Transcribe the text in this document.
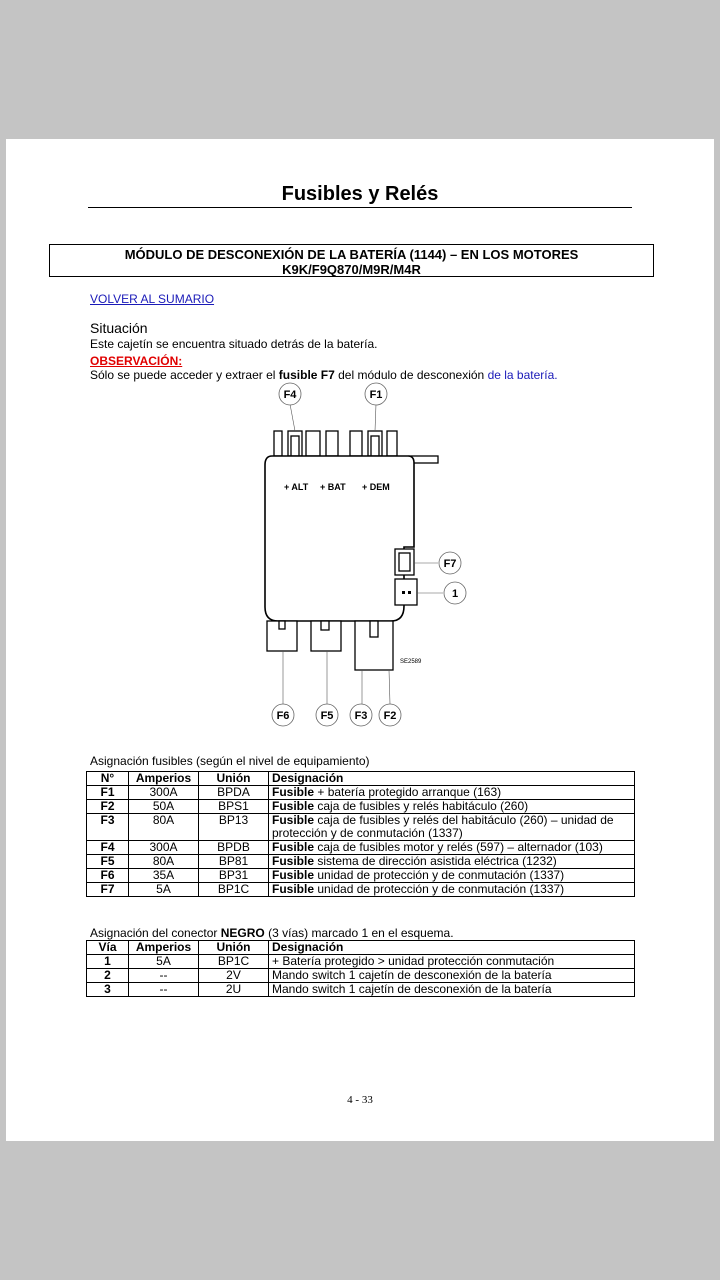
Fusibles y Relés
MÓDULO DE DESCONEXIÓN DE LA BATERÍA (1144) – EN LOS MOTORES
K9K/F9Q870/M9R/M4R
VOLVER AL SUMARIO
Situación
Este cajetín se encuentra situado detrás de la batería.
OBSERVACIÓN:
Sólo se puede acceder y extraer el fusible F7 del módulo de desconexión de la batería.
F4	F1
F7
1
F6	F5 F3 F2
+ ALT + BAT + DEM
SE2589
Asignación fusibles (según el nivel de equipamiento)
N°	Amperios	Unión	Designación
F1	300A	BPDA	Fusible + batería protegido arranque (163)
F2	50A	BPS1	Fusible caja de fusibles y relés habitáculo (260)
F3	80A	BP13	Fusible caja de fusibles y relés del habitáculo (260) – unidad de protección y de conmutación (1337)
F4	300A	BPDB	Fusible caja de fusibles motor y relés (597) – alternador (103)
F5	80A	BP81	Fusible sistema de dirección asistida eléctrica (1232)
F6	35A	BP31	Fusible unidad de protección y de conmutación (1337)
F7	5A	BP1C	Fusible unidad de protección y de conmutación (1337)
Asignación del conector NEGRO (3 vías) marcado 1 en el esquema.
Vía	Amperios	Unión	Designación
1	5A	BP1C	+ Batería protegido > unidad protección conmutación
2	--	2V	Mando switch 1 cajetín de desconexión de la batería
3	--	2U	Mando switch 1 cajetín de desconexión de la batería
4 - 33
